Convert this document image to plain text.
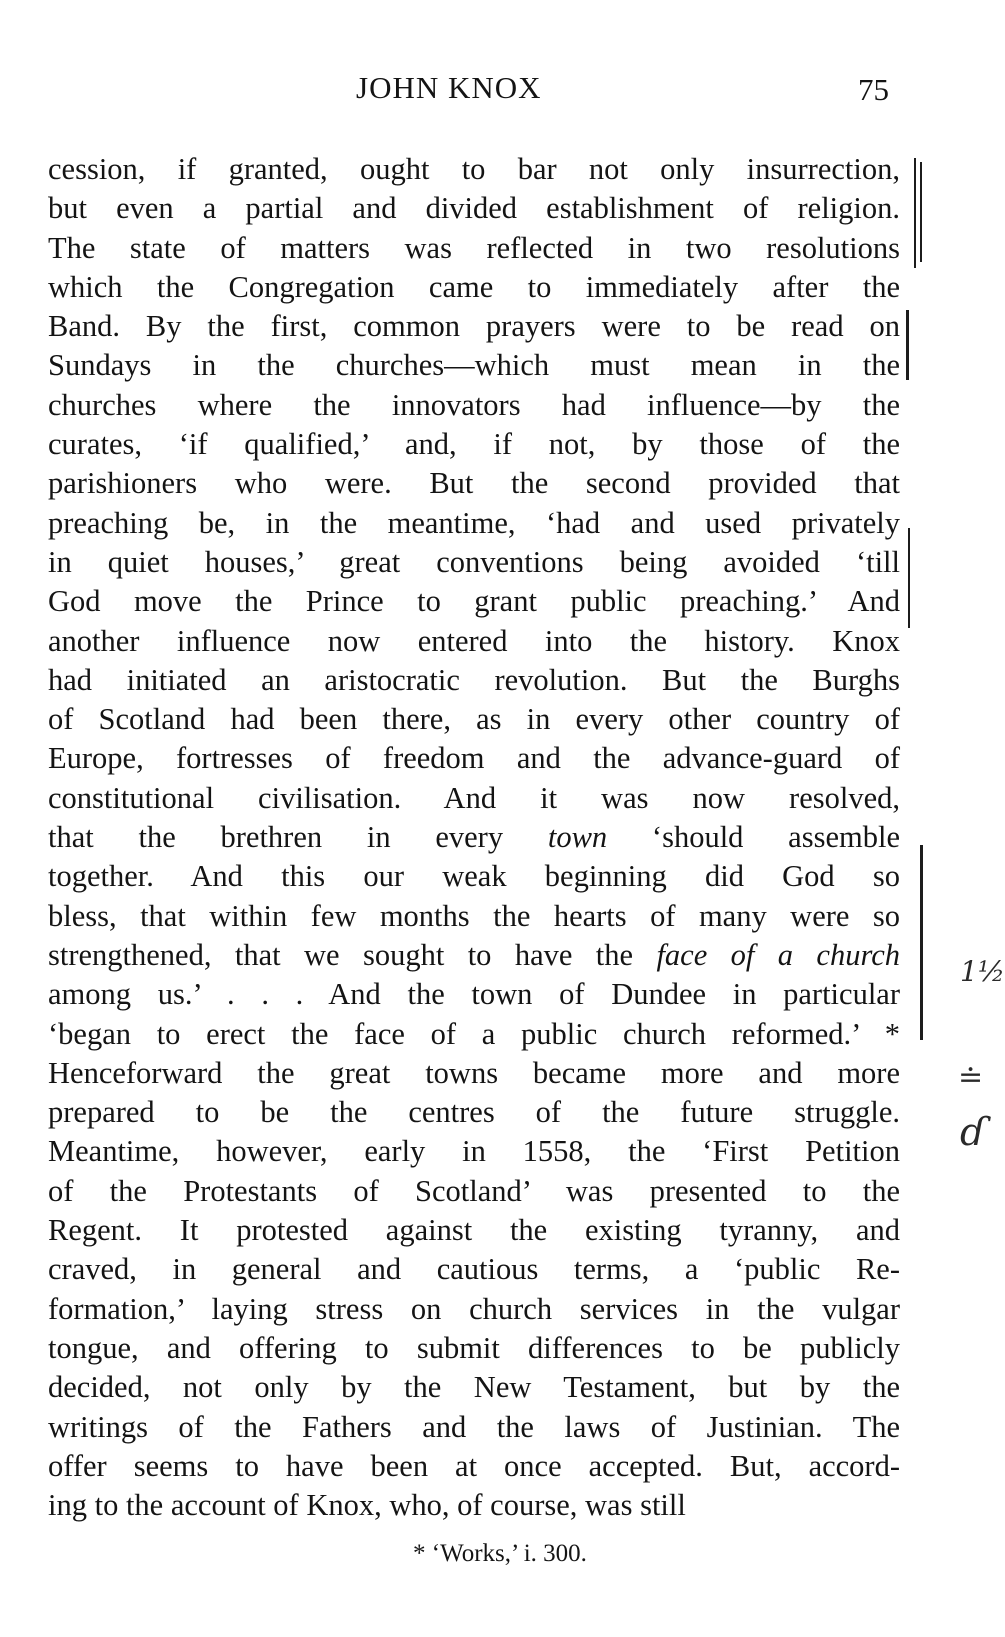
JOHN KNOX	75
cession, if granted, ought to bar not only insurrection,
but even a partial and divided establishment of religion.
The state of matters was reflected in two resolutions
which the Congregation came to immediately after the
Band. By the first, common prayers were to be read on
Sundays in the churches—which must mean in the
churches where the innovators had influence—by the
curates, ‘if qualified,’ and, if not, by those of the
parishioners who were. But the second provided that
preaching be, in the meantime, ‘had and used privately
in quiet houses,’ great conventions being avoided ‘till
God move the Prince to grant public preaching.’ And
another influence now entered into the history. Knox
had initiated an aristocratic revolution. But the Burghs
of Scotland had been there, as in every other country of
Europe, fortresses of freedom and the advance-guard of
constitutional civilisation. And it was now resolved,
that the brethren in every town ‘should assemble
together. And this our weak beginning did God so
bless, that within few months the hearts of many were so
strengthened, that we sought to have the face of a church
among us.’ . . . And the town of Dundee in particular
‘began to erect the face of a public church reformed.’ *
Henceforward the great towns became more and more
prepared to be the centres of the future struggle.
Meantime, however, early in 1558, the ‘First Petition
of the Protestants of Scotland’ was presented to the
Regent. It protested against the existing tyranny, and
craved, in general and cautious terms, a ‘public Re-
formation,’ laying stress on church services in the vulgar
tongue, and offering to submit differences to be publicly
decided, not only by the New Testament, but by the
writings of the Fathers and the laws of Justinian. The
offer seems to have been at once accepted. But, accord-
ing to the account of Knox, who, of course, was still
* ‘Works,’ i. 300.
1½
≐
ɗ
